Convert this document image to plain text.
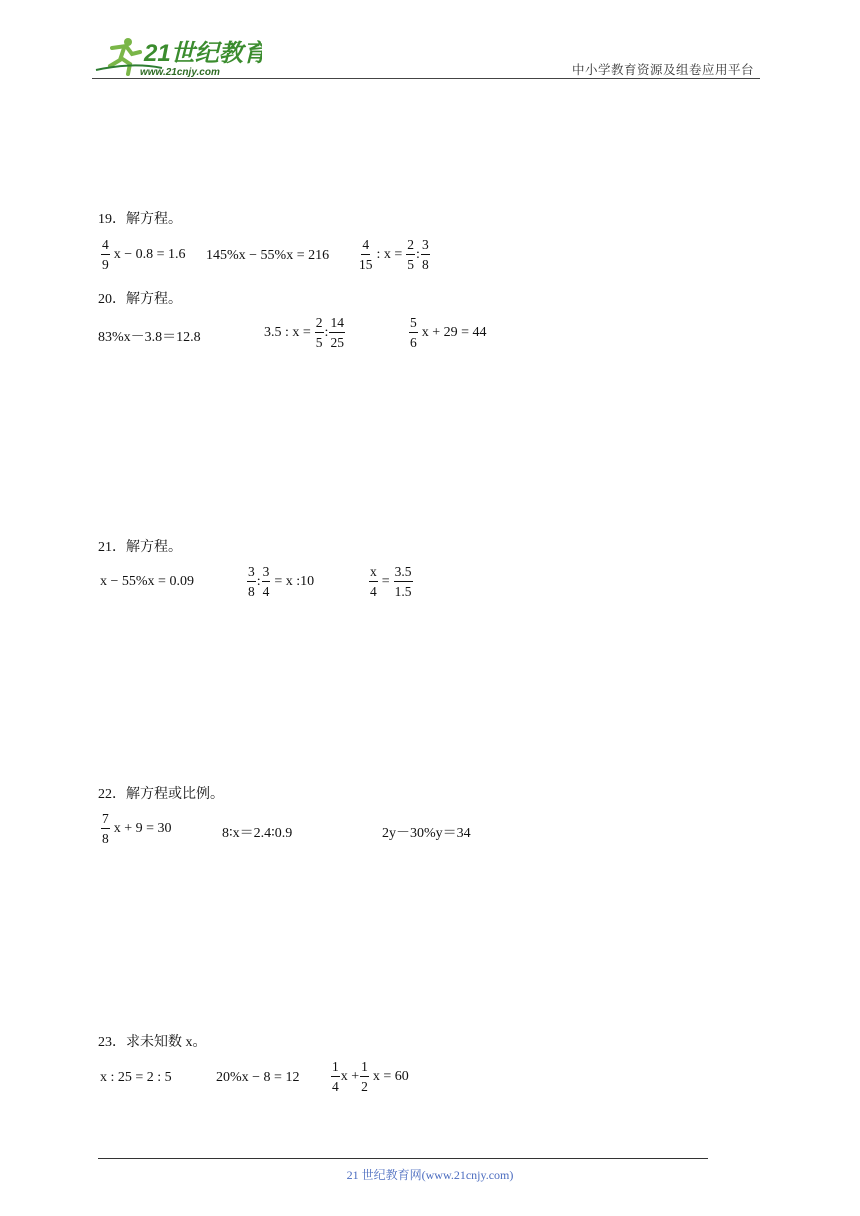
21世纪教育
www.21cnjy.com	中小学教育资源及组卷应用平台
19．解方程。
$\frac{4}{9}$ x − 0.8 = 1.6 $145\%x - 55\%x = 216 \frac{4}{15}$ : $x = \frac{2}{5}$ : $\frac{3}{8}$
20．解方程。
83%x－3.8＝12.8	3.5 : $x = \frac{2}{5}$ : $\frac{14}{25}$	$\frac{5}{6}$ x + 29 = 44
21．解方程。
x − 55%x = 0.09	$\frac{3}{8}$ : $\frac{3}{4} = x$ :10	$\frac{x}{4} = \frac{3.5}{1.5}$
22．解方程或比例。
$\frac{7}{8}$ x + 9 = 30	8∶x＝2.4∶0.9	2y－30%y＝34
23．求未知数 x。
x : 25 = 2 : 5	$20\%x - 8 = 12 \frac{1}{4}$ $x + \frac{1}{2}$ x = 60
21 世纪教育网(www.21cnjy.com)
